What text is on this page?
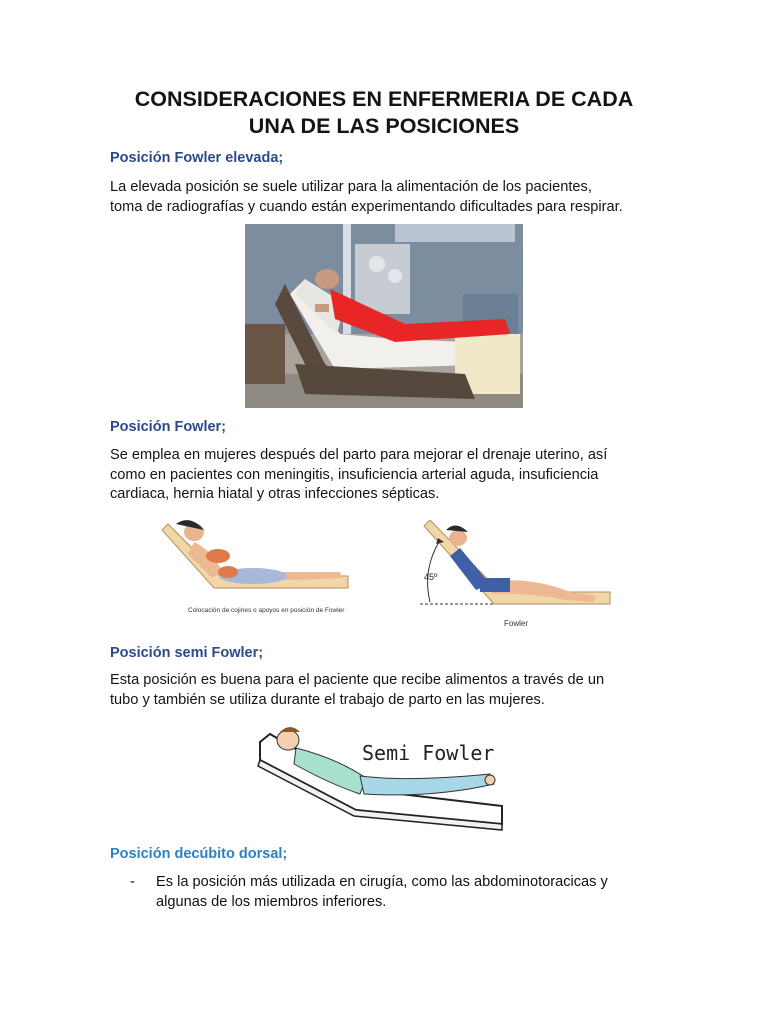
CONSIDERACIONES EN ENFERMERIA DE CADA
UNA DE LAS POSICIONES
Posición Fowler elevada;

La elevada posición se suele utilizar para la alimentación de los pacientes,
toma de radiografías y cuando están experimentando dificultades para respirar.

Posición Fowler;

Se emplea en mujeres después del parto para mejorar el drenaje uterino, así
como en pacientes con meningitis, insuficiencia arterial aguda, insuficiencia
cardiaca, hernia hiatal y otras infecciones sépticas.

Colocación de cojines o apoyos en posición de Fowler
45º
Fowler
Posición semi Fowler;

Esta posición es buena para el paciente que recibe alimentos a través de un
tubo y también se utiliza durante el trabajo de parto en las mujeres.

Semi Fowler
Posición decúbito dorsal;
- Es la posición más utilizada en cirugía, como las abdominotoracicas y
algunas de los miembros inferiores.
